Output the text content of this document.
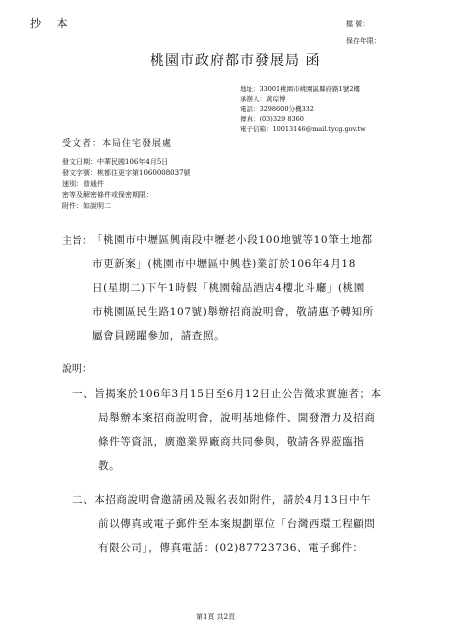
抄 本	檔 號：
保存年限：
桃園市政府都市發展局 函
地址：33001桃園市桃園區縣府路1號2樓
承辦人：黃琮博
電話：3298600分機332
傳真：(03)329 8360
電子信箱：10013146@mail.tycg.gov.tw
受文者：本局住宅發展處
發文日期：中華民國106年4月5日
發文字號：桃都住更字第1060008037號
速別：普通件
密等及解密條件或保密期限：
附件：如說明二
主旨： 「桃園市中壢區興南段中壢老小段100地號等10筆土地都
市更新案」(桃園市中壢區中興巷)業訂於106年4月18
日(星期二)下午1時假「桃園翰品酒店4樓北斗廳」(桃園
市桃園區民生路107號)舉辦招商說明會，敬請惠予轉知所
屬會員踴躍參加，請查照。
說明：
一、旨揭案於106年3月15日至6月12日止公告徵求實施者；本
局舉辦本案招商說明會，說明基地條件、開發潛力及招商
條件等資訊，廣邀業界廠商共同參與，敬請各界蒞臨指
教。
二、本招商說明會邀請函及報名表如附件，請於4月13日中午
前以傳真或電子郵件至本案規劃單位「台灣西環工程顧問
有限公司」，傳真電話：(02)87723736、電子郵件：
第1頁 共2頁
